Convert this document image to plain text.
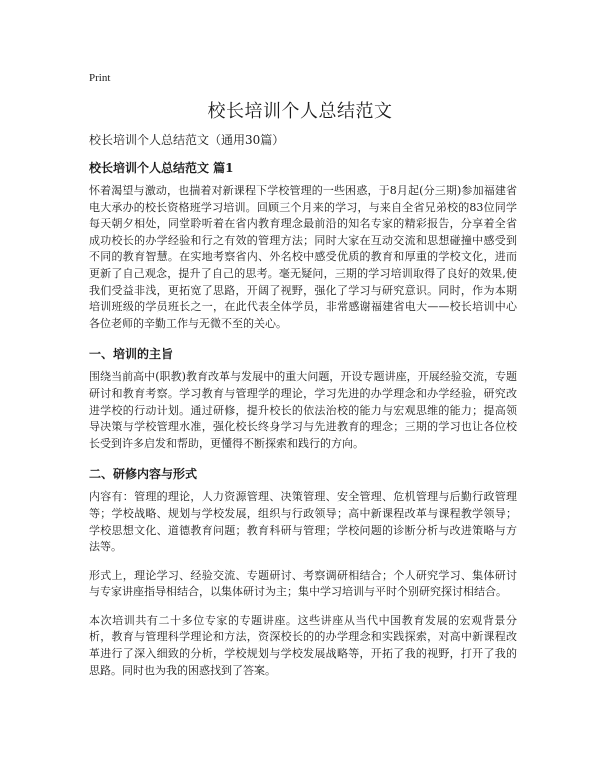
Print
校长培训个人总结范文

校长培训个人总结范文（通用30篇）

校长培训个人总结范文 篇1

怀着渴望与激动，也揣着对新课程下学校管理的一些困惑，于8月起(分三期)参加福建省电大承办的校长资格班学习培训。回顾三个月来的学习，与来自全省兄弟校的83位同学每天朝夕相处，同堂聆听着在省内教育理念最前沿的知名专家的精彩报告，分享着全省成功校长的办学经验和行之有效的管理方法；同时大家在互动交流和思想碰撞中感受到不同的教育智慧。在实地考察省内、外名校中感受优质的教育和厚重的学校文化，进而更新了自己观念，提升了自己的思考。毫无疑问，三期的学习培训取得了良好的效果,使我们受益非浅，更拓宽了思路，开阔了视野，强化了学习与研究意识。同时，作为本期培训班级的学员班长之一，在此代表全体学员，非常感谢福建省电大——校长培训中心各位老师的辛勤工作与无微不至的关心。

一、培训的主旨

围绕当前高中(职教)教育改革与发展中的重大问题，开设专题讲座，开展经验交流，专题研讨和教育考察。学习教育与管理学的理论，学习先进的办学理念和办学经验，研究改进学校的行动计划。通过研修，提升校长的依法治校的能力与宏观思维的能力；提高领导决策与学校管理水准，强化校长终身学习与先进教育的理念；三期的学习也让各位校长受到许多启发和帮助，更懂得不断探索和践行的方向。

二、研修内容与形式

内容有：管理的理论，人力资源管理、决策管理、安全管理、危机管理与后勤行政管理等；学校战略、规划与学校发展，组织与行政领导；高中新课程改革与课程教学领导；学校思想文化、道德教育问题；教育科研与管理；学校问题的诊断分析与改进策略与方法等。

形式上，理论学习、经验交流、专题研讨、考察调研相结合；个人研究学习、集体研讨与专家讲座指导相结合，以集体研讨为主；集中学习培训与平时个别研究探讨相结合。

本次培训共有二十多位专家的专题讲座。这些讲座从当代中国教育发展的宏观背景分析，教育与管理科学理论和方法，资深校长的的办学理念和实践探索，对高中新课程改革进行了深入细致的分析，学校规划与学校发展战略等，开拓了我的视野，打开了我的思路。同时也为我的困惑找到了答案。
